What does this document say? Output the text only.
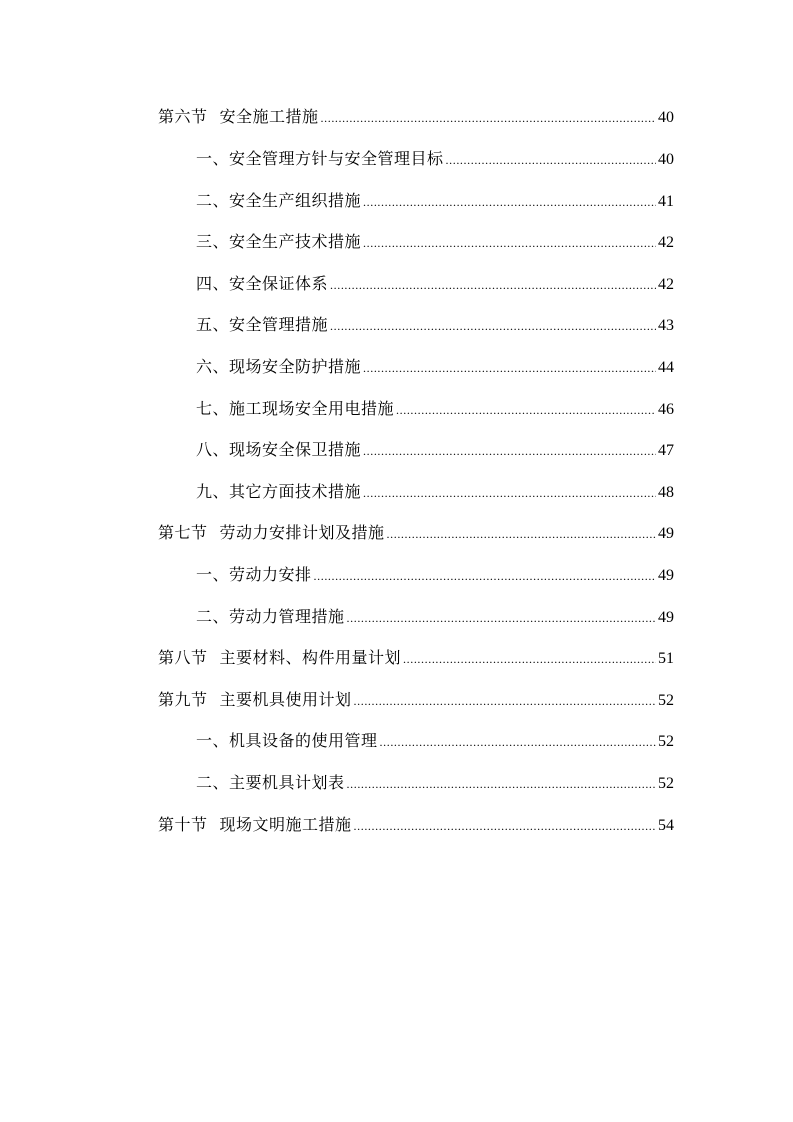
第六节 安全施工措施 .....	40
一、安全管理方针与安全管理目标 .....	40
二、安全生产组织措施 .....	41
三、安全生产技术措施 .....	42
四、安全保证体系 .....	42
五、安全管理措施 .....	43
六、现场安全防护措施 .....	44
七、施工现场安全用电措施 .....	46
八、现场安全保卫措施 .....	47
九、其它方面技术措施 .....	48
第七节 劳动力安排计划及措施 .....	49
一、劳动力安排 .....	49
二、劳动力管理措施 .....	49
第八节 主要材料、构件用量计划 .....	51
第九节 主要机具使用计划 .....	52
一、机具设备的使用管理 .....	52
二、主要机具计划表 .....	52
第十节 现场文明施工措施 .....	54
